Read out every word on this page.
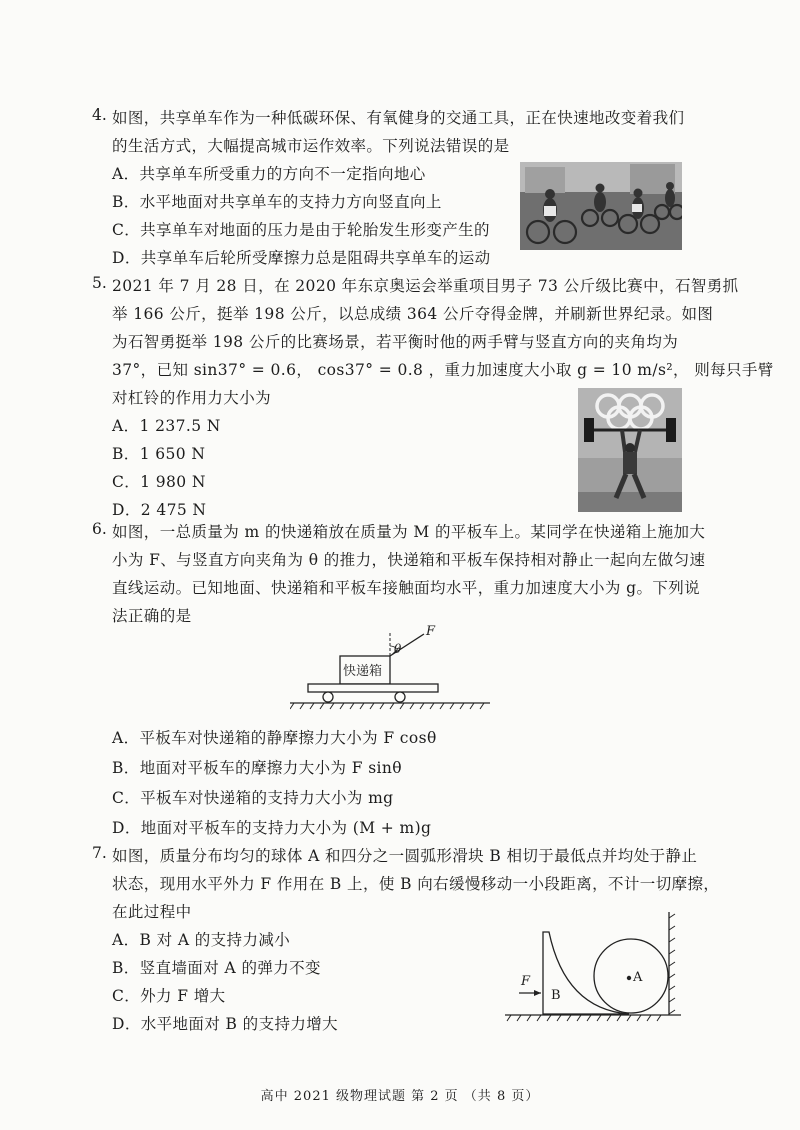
4. 如图，共享单车作为一种低碳环保、有氧健身的交通工具，正在快速地改变着我们
的生活方式，大幅提高城市运作效率。下列说法错误的是
A．共享单车所受重力的方向不一定指向地心
B．水平地面对共享单车的支持力方向竖直向上
C．共享单车对地面的压力是由于轮胎发生形变产生的
D．共享单车后轮所受摩擦力总是阻碍共享单车的运动
5. 2021 年 7 月 28 日，在 2020 年东京奥运会举重项目男子 73 公斤级比赛中，石智勇抓
举 166 公斤，挺举 198 公斤，以总成绩 364 公斤夺得金牌，并刷新世界纪录。如图
为石智勇挺举 198 公斤的比赛场景，若平衡时他的两手臂与竖直方向的夹角均为
37°，已知 sin37° = 0.6， cos37° = 0.8 ，重力加速度大小取 g = 10 m/s²， 则每只手臂
对杠铃的作用力大小为
A．1 237.5 N
B．1 650 N
C．1 980 N
D．2 475 N
6. 如图，一总质量为 m 的快递箱放在质量为 M 的平板车上。某同学在快递箱上施加大
小为 F、与竖直方向夹角为 θ 的推力，快递箱和平板车保持相对静止一起向左做匀速
直线运动。已知地面、快递箱和平板车接触面均水平，重力加速度大小为 g。下列说
法正确的是
快递箱
θ
F
A．平板车对快递箱的静摩擦力大小为 F cosθ
B．地面对平板车的摩擦力大小为 F sinθ
C．平板车对快递箱的支持力大小为 mg
D．地面对平板车的支持力大小为 (M + m)g
7. 如图，质量分布均匀的球体 A 和四分之一圆弧形滑块 B 相切于最低点并均处于静止
状态，现用水平外力 F 作用在 B 上，使 B 向右缓慢移动一小段距离，不计一切摩擦，
在此过程中
A．B 对 A 的支持力减小
B．竖直墙面对 A 的弹力不变
C．外力 F 增大
D．水平地面对 B 的支持力增大
F
B
A
高中 2021 级物理试题 第 2 页 （共 8 页）
